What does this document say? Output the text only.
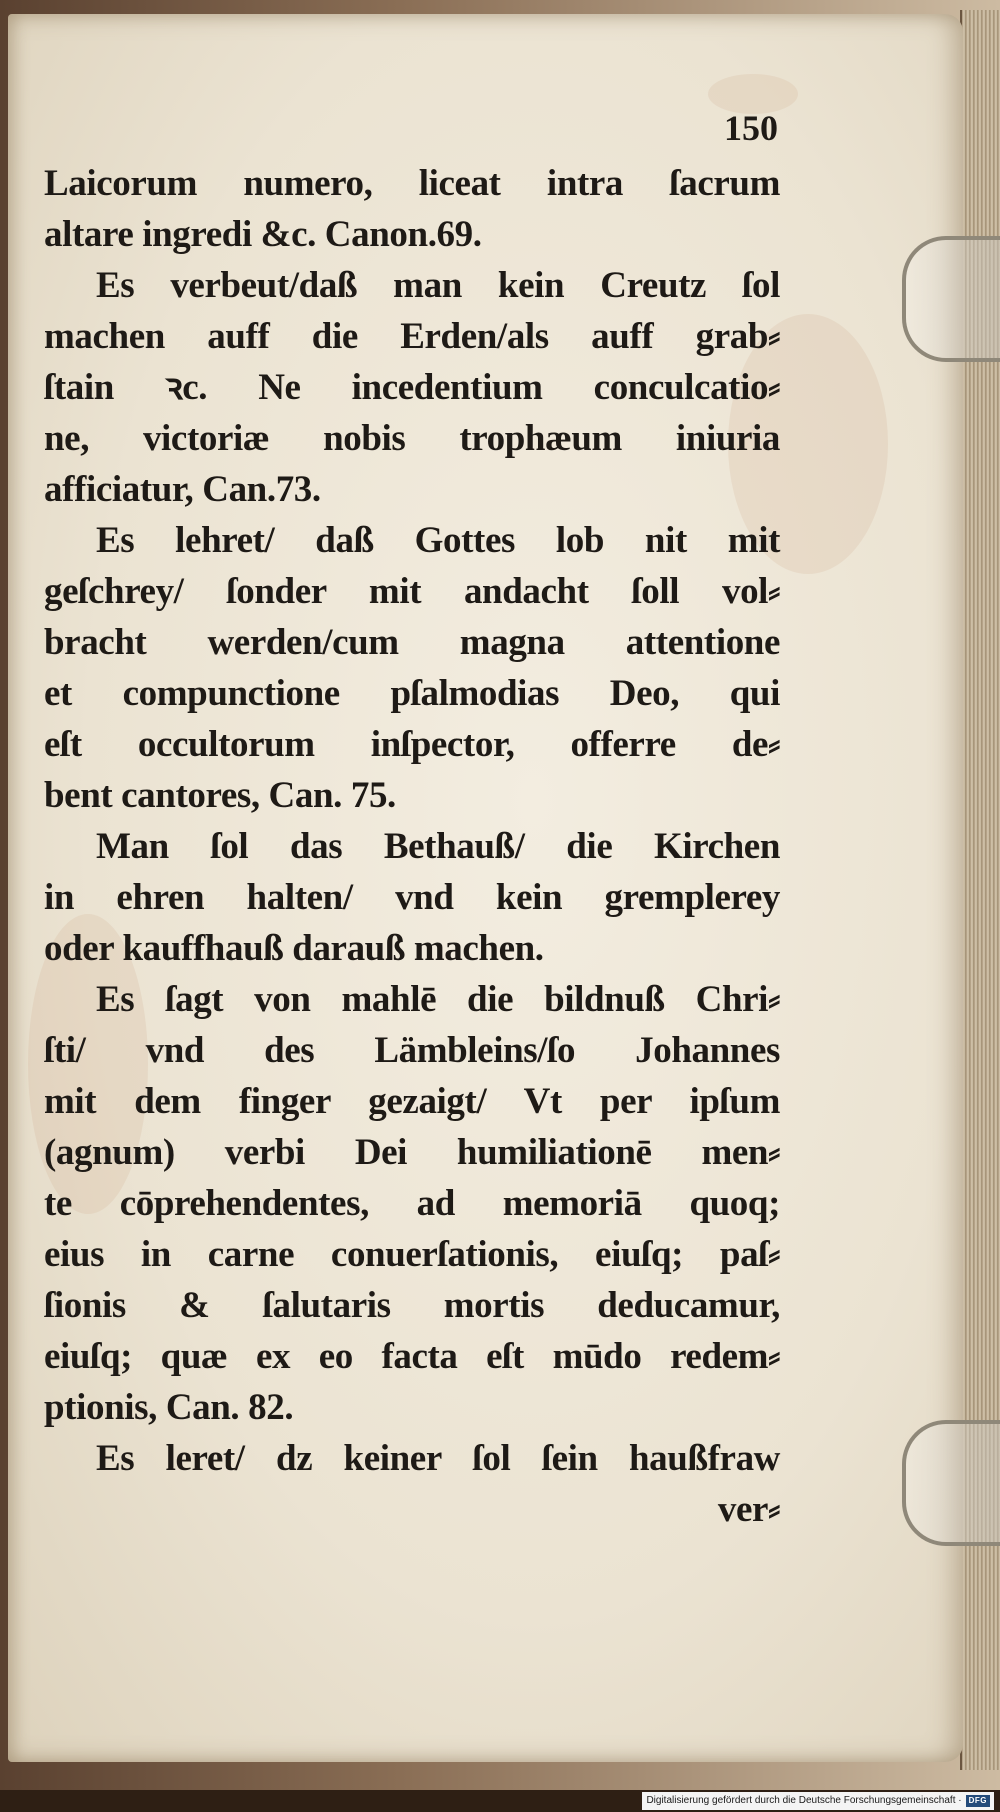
150
Laicorum numero, liceat intra ſacrum
altare ingredi &c. Canon.69.
Es verbeut/daß man kein Creutz ſol
machen auff die Erden/als auff grab⸗
ſtain ꝛc. Ne incedentium conculcatio⸗
ne, victoriæ nobis trophæum iniuria
afficiatur, Can.73.
Es lehret/ daß Gottes lob nit mit
geſchrey/ ſonder mit andacht ſoll vol⸗
bracht werden/cum magna attentione
et compunctione pſalmodias Deo, qui
eſt occultorum inſpector, offerre de⸗
bent cantores, Can. 75.
Man ſol das Bethauß/ die Kirchen
in ehren halten/ vnd kein gremplerey
oder kauffhauß darauß machen.
Es ſagt von mahlē die bildnuß Chri⸗
ſti/ vnd des Lämbleins/ſo Johannes
mit dem finger gezaigt/ Vt per ipſum
(agnum) verbi Dei humiliationē men⸗
te cōprehendentes, ad memoriā quoq;
eius in carne conuerſationis, eiuſq; paſ⸗
ſionis & ſalutaris mortis deducamur,
eiuſq; quæ ex eo facta eſt mūdo redem⸗
ptionis, Can. 82.
Es leret/ dz keiner ſol ſein haußfraw
ver⸗
Digitalisierung gefördert durch die Deutsche Forschungsgemeinschaft · DFG
